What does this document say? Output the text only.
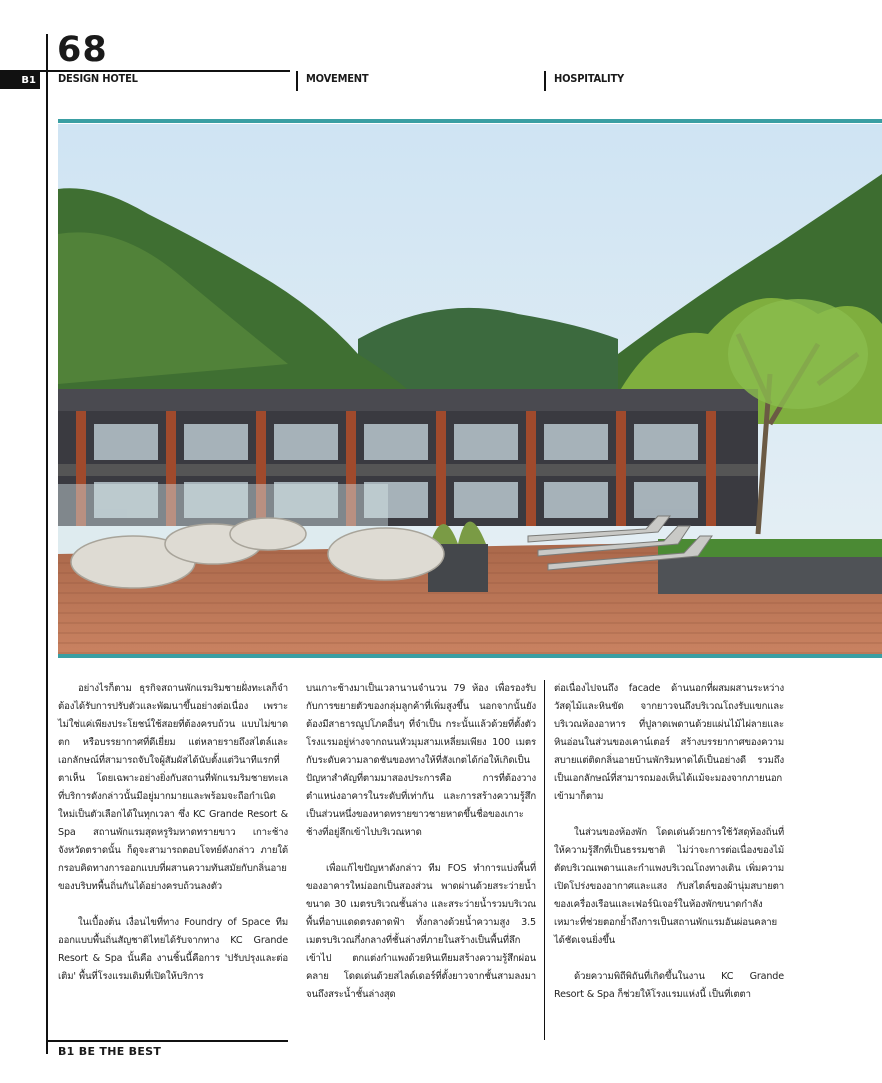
68
B1	DESIGN HOTEL	MOVEMENT	HOSPITALITY

อย่างไรก็ตาม ธุรกิจสถานพักแรมริมชายฝั่งทะเลก็จำต้องได้รับการปรับตัวและพัฒนาขึ้นอย่างต่อเนื่อง เพราะไม่ใช่แค่เพียงประโยชน์ใช้สอยที่ต้องครบถ้วน แบบไม่ขาดตก หรือบรรยากาศที่ดีเยี่ยม แต่หลายรายถึงสไตล์และเอกลักษณ์ที่สามารถจับใจผู้สัมผัสได้นับตั้งแต่วินาทีแรกที่ตาเห็น โดยเฉพาะอย่างยิ่งกับสถานที่พักแรมริมชายทะเล ที่บริการดังกล่าวนั้นมีอยู่มากมายและพร้อมจะถือกำเนิดใหม่เป็นตัวเลือกได้ในทุกเวลา ซึ่ง KC Grande Resort & Spa สถานพักแรมสุดหรูริมหาดทรายขาว เกาะช้าง จังหวัดตราดนั้น ก็ดูจะสามารถตอบโจทย์ดังกล่าว ภายใต้กรอบคิดทางการออกแบบที่ผสานความทันสมัยกับกลิ่นอายของบริบทพื้นถิ่นกันได้อย่างครบถ้วนลงตัว

ในเบื้องต้น เงื่อนไขที่ทาง Foundry of Space ทีมออกแบบพื้นถิ่นสัญชาติไทยได้รับจากทาง KC Grande Resort & Spa นั้นคือ งานชิ้นนี้คือการ 'ปรับปรุงและต่อเติม' พื้นที่โรงแรมเดิมที่เปิดให้บริการ

บนเกาะช้างมาเป็นเวลานานจำนวน 79 ห้อง เพื่อรองรับกับการขยายตัวของกลุ่มลูกค้าที่เพิ่มสูงขึ้น นอกจากนั้นยังต้องมีสาธารณูปโภคอื่นๆ ที่จำเป็น กระนั้นแล้วด้วยที่ตั้งตัวโรงแรมอยู่ห่างจากถนนหัวมุมสามเหลี่ยมเพียง 100 เมตรกับระดับความลาดชันของทางให้ที่สังเกตได้ก่อให้เกิดเป็นปัญหาสำคัญที่ตามมาสองประการคือ การที่ต้องวางตำแหน่งอาคารในระดับที่เท่ากัน และการสร้างความรู้สึกเป็นส่วนหนึ่งของหาดทรายขาวชายหาดขึ้นชื่อของเกาะช้างที่อยู่ลึกเข้าไปบริเวณหาด

เพื่อแก้ไขปัญหาดังกล่าว ทีม FOS ทำการแบ่งพื้นที่ของอาคารใหม่ออกเป็นสองส่วน พาดผ่านด้วยสระว่ายน้ำขนาด 30 เมตรบริเวณชั้นล่าง และสระว่ายน้ำรวมบริเวณพื้นที่อาบแดดตรงดาดฟ้า ทั้งกลางด้วยน้ำความสูง 3.5 เมตรบริเวณกึ่งกลางที่ชั้นล่างที่ภายในสร้างเป็นพื้นที่ลึกเข้าไป ตกแต่งกำแพงด้วยหินเทียมสร้างความรู้สึกผ่อนคลาย โดดเด่นด้วยสไลด์เดอร์ที่ตั้งยาวจากชั้นสามลงมาจนถึงสระน้ำชั้นล่างสุด

ต่อเนื่องไปจนถึง facade ด้านนอกที่ผสมผสานระหว่างวัสดุไม้และหินขัด จากยาวจนถึงบริเวณโถงรับแขกและบริเวณห้องอาหาร ที่ปูลาดเพดานด้วยแผ่นไม้ไผ่ลายและหินอ่อนในส่วนของเคาน์เตอร์ สร้างบรรยากาศของความสบายแต่ติดกลิ่นอายบ้านพักริมหาดได้เป็นอย่างดี รวมถึงเป็นเอกลักษณ์ที่สามารถมองเห็นได้แม้จะมองจากภายนอกเข้ามาก็ตาม

ในส่วนของห้องพัก โดดเด่นด้วยการใช้วัสดุท้องถิ่นที่ให้ความรู้สึกที่เป็นธรรมชาติ ไม่ว่าจะการต่อเนื่องของไม้ตัดบริเวณเพดานและกำแพงบริเวณโถงทางเดิน เพิ่มความเปิดโปร่งของอากาศและแสง กับสไตล์ของผ้านุ่มสบายตาของเครื่องเรือนและเฟอร์นิเจอร์ในห้องพักขนาดกำลังเหมาะที่ช่วยตอกย้ำถึงการเป็นสถานพักแรมอันผ่อนคลายได้ชัดเจนยิ่งขึ้น

ด้วยความพิถีพิถันที่เกิดขึ้นในงาน KC Grande Resort & Spa ก็ช่วยให้โรงแรมแห่งนี้ เป็นที่เตตา

B1 BE THE BEST
